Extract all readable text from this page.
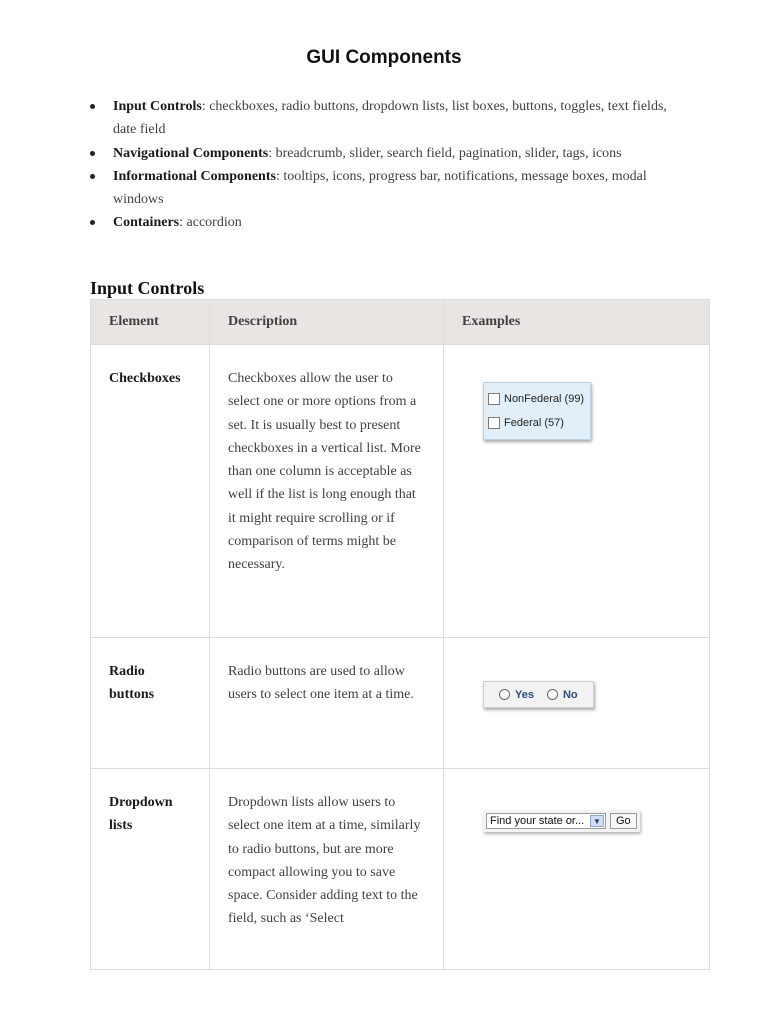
GUI Components
Input Controls: checkboxes, radio buttons, dropdown lists, list boxes, buttons, toggles, text fields, date field
Navigational Components: breadcrumb, slider, search field, pagination, slider, tags, icons
Informational Components: tooltips, icons, progress bar, notifications, message boxes, modal windows
Containers: accordion
Input Controls
Element	Description	Examples
Checkboxes	Checkboxes allow the user to select one or more options from a set. It is usually best to present checkboxes in a vertical list. More than one column is acceptable as well if the list is long enough that it might require scrolling or if comparison of terms might be necessary.	NonFederal (99)
Federal (57)

Radio buttons	Radio buttons are used to allow users to select one item at a time.	Yes No

Dropdown lists	Dropdown lists allow users to select one item at a time, similarly to radio buttons, but are more compact allowing you to save space. Consider adding text to the field, such as ‘Select	Find your state or... ▼ Go
